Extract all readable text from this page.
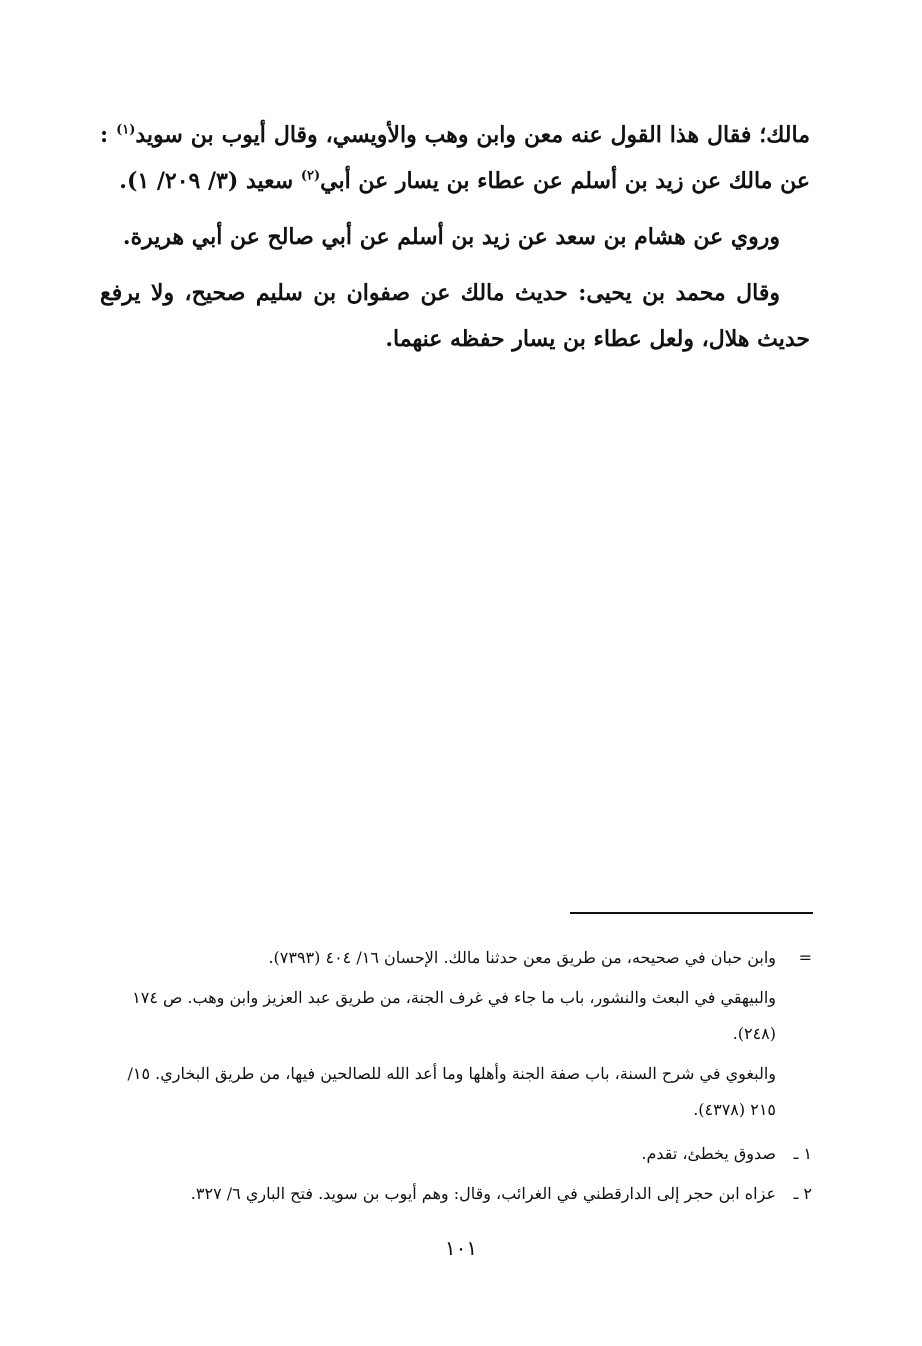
مالك؛ فقال هذا القول عنه معن وابن وهب والأويسي، وقال أيوب بن سويد$^{(١)}$ : عن مالك عن زيد بن أسلم عن عطاء بن يسار عن أبي$^{(٢)}$ سعيد (٣/ ٢٠٩/ ١).

وروي عن هشام بن سعد عن زيد بن أسلم عن أبي صالح عن أبي هريرة.

وقال محمد بن يحيى: حديث مالك عن صفوان بن سليم صحيح، ولا يرفع حديث هلال، ولعل عطاء بن يسار حفظه عنهما.

=
وابن حبان في صحيحه، من طريق معن حدثنا مالك. الإحسان ١٦/ ٤٠٤ (٧٣٩٣).
والبيهقي في البعث والنشور، باب ما جاء في غرف الجنة، من طريق عبد العزيز وابن وهب. ص ١٧٤ (٢٤٨).
والبغوي في شرح السنة، باب صفة الجنة وأهلها وما أعد الله للصالحين فيها، من طريق البخاري. ١٥/ ٢١٥ (٤٣٧٨).
١ ـ
صدوق يخطئ، تقدم.
٢ ـ
عزاه ابن حجر إلى الدارقطني في الغرائب، وقال: وهم أيوب بن سويد. فتح الباري ٦/ ٣٢٧.
١٠١
